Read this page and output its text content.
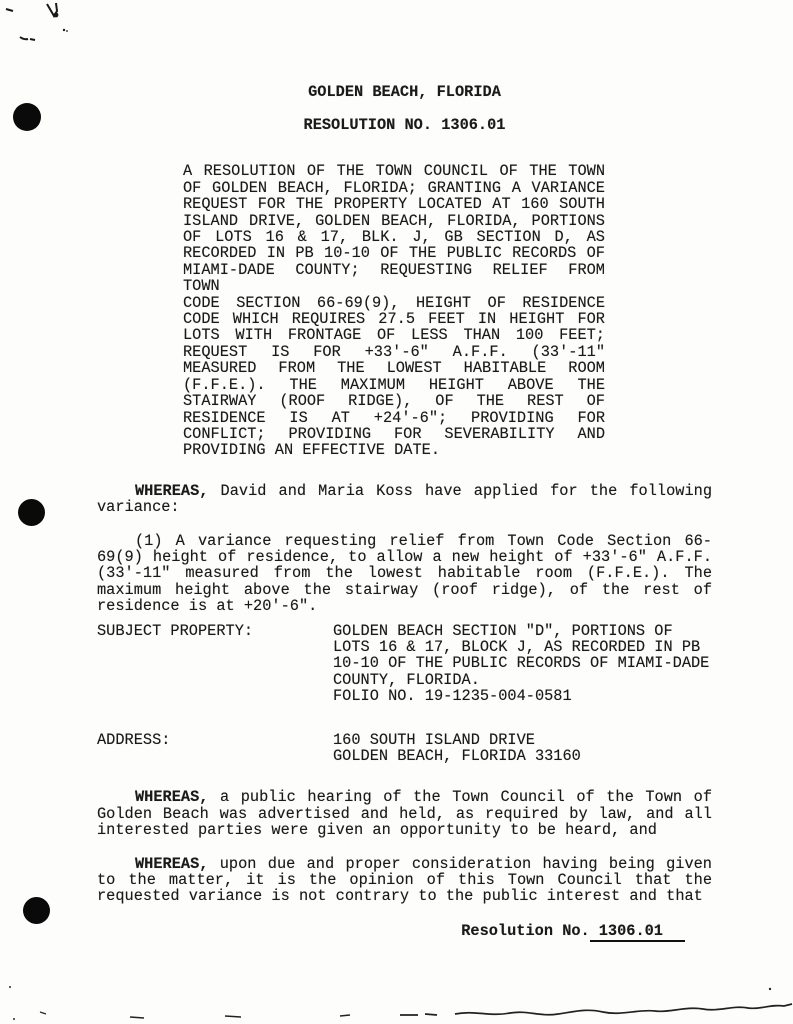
GOLDEN BEACH, FLORIDA
RESOLUTION NO. 1306.01
A RESOLUTION OF THE TOWN COUNCIL OF THE TOWN
OF GOLDEN BEACH, FLORIDA; GRANTING A VARIANCE
REQUEST FOR THE PROPERTY LOCATED AT 160 SOUTH
ISLAND DRIVE, GOLDEN BEACH, FLORIDA, PORTIONS
OF LOTS 16 & 17, BLK. J, GB SECTION D, AS
RECORDED IN PB 10-10 OF THE PUBLIC RECORDS OF
MIAMI-DADE COUNTY; REQUESTING RELIEF FROM TOWN
CODE SECTION 66-69(9), HEIGHT OF RESIDENCE
CODE WHICH REQUIRES 27.5 FEET IN HEIGHT FOR
LOTS WITH FRONTAGE OF LESS THAN 100 FEET;
REQUEST IS FOR +33'-6" A.F.F. (33'-11"
MEASURED FROM THE LOWEST HABITABLE ROOM
(F.F.E.). THE MAXIMUM HEIGHT ABOVE THE
STAIRWAY (ROOF RIDGE), OF THE REST OF
RESIDENCE IS AT +24'-6"; PROVIDING FOR
CONFLICT; PROVIDING FOR SEVERABILITY AND
PROVIDING AN EFFECTIVE DATE.
WHEREAS, David and Maria Koss have applied for the following
variance:
(1) A variance requesting relief from Town Code Section 66-
69(9) height of residence, to allow a new height of +33'-6" A.F.F.
(33'-11" measured from the lowest habitable room (F.F.E.). The
maximum height above the stairway (roof ridge), of the rest of
residence is at +20'-6".
SUBJECT PROPERTY:	GOLDEN BEACH SECTION "D", PORTIONS OF
LOTS 16 & 17, BLOCK J, AS RECORDED IN PB
10-10 OF THE PUBLIC RECORDS OF MIAMI-DADE
COUNTY, FLORIDA.
FOLIO NO. 19-1235-004-0581
ADDRESS:	160 SOUTH ISLAND DRIVE
GOLDEN BEACH, FLORIDA 33160
WHEREAS, a public hearing of the Town Council of the Town of
Golden Beach was advertised and held, as required by law, and all
interested parties were given an opportunity to be heard, and
WHEREAS, upon due and proper consideration having being given
to the matter, it is the opinion of this Town Council that the
requested variance is not contrary to the public interest and that
Resolution No. 1306.01
